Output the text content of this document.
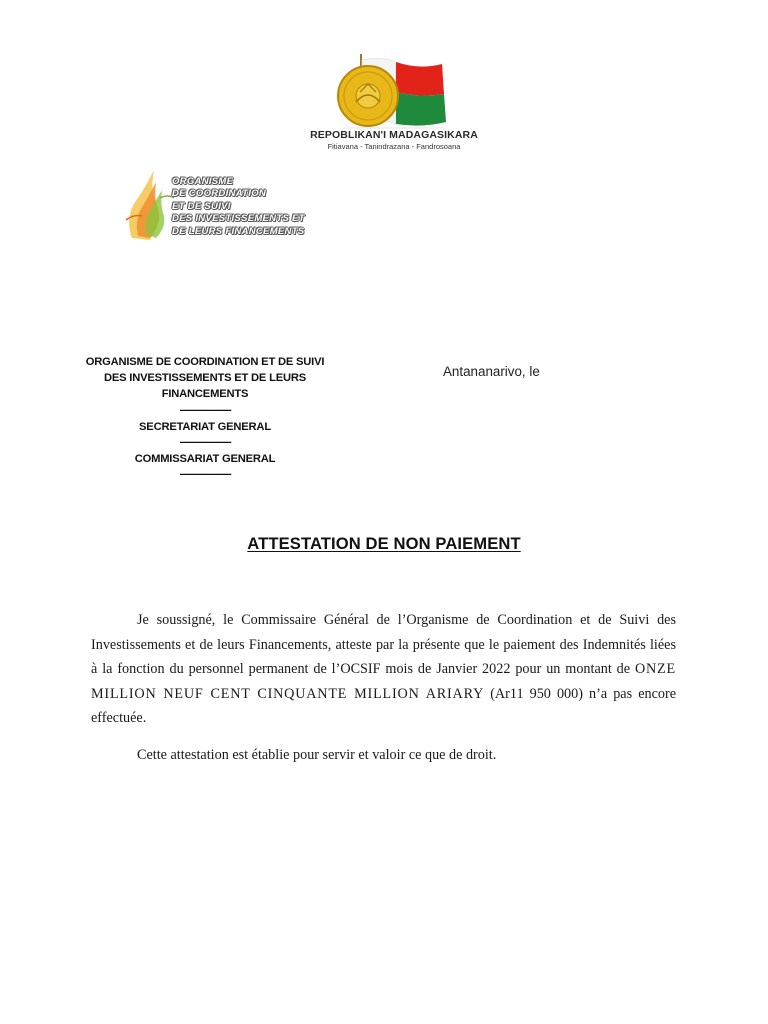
REPOBLIKAN'I MADAGASIKARA
Fitiavana - Tanindrazana - Fandrosoana
ORGANISME
DE COORDINATION
ET DE SUIVI
DES INVESTISSEMENTS ET
DE LEURS FINANCEMENTS
ORGANISME DE COORDINATION ET DE SUIVI
DES INVESTISSEMENTS ET DE LEURS
FINANCEMENTS
------------------------
SECRETARIAT GENERAL
------------------------
COMMISSARIAT GENERAL
------------------------
Antananarivo, le
ATTESTATION DE NON PAIEMENT

Je soussigné, le Commissaire Général de l’Organisme de Coordination et de Suivi des Investissements et de leurs Financements, atteste par la présente que le paiement des Indemnités liées à la fonction du personnel permanent de l’OCSIF mois de Janvier 2022 pour un montant de ONZE MILLION NEUF CENT CINQUANTE MILLION ARIARY (Ar11 950 000) n’a pas encore effectuée.

Cette attestation est établie pour servir et valoir ce que de droit.
